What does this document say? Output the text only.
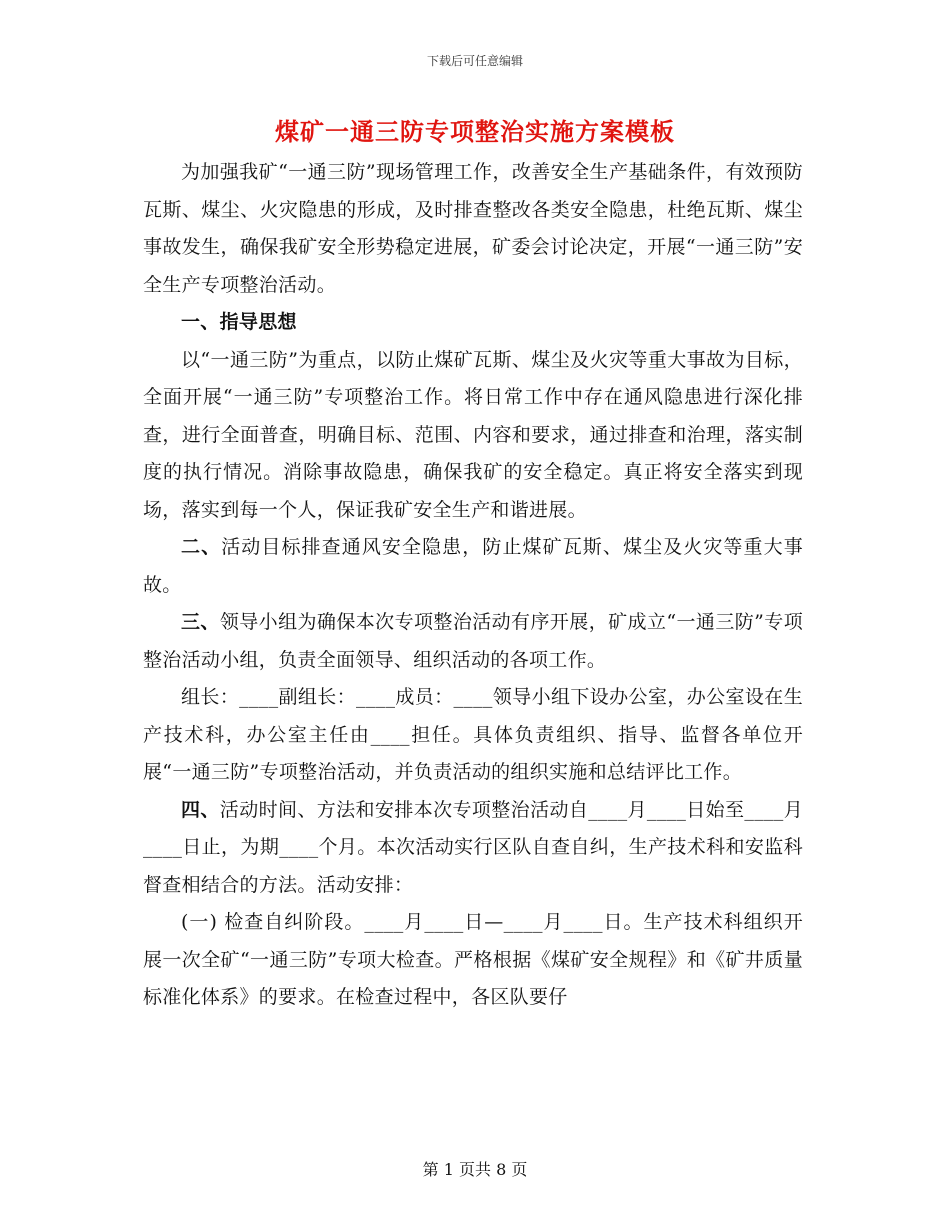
下载后可任意编辑
煤矿一通三防专项整治实施方案模板

为加强我矿“一通三防”现场管理工作，改善安全生产基础条件，有效预防瓦斯、煤尘、火灾隐患的形成，及时排查整改各类安全隐患，杜绝瓦斯、煤尘事故发生，确保我矿安全形势稳定进展，矿委会讨论决定，开展“一通三防”安全生产专项整治活动。

一、指导思想

以“一通三防”为重点，以防止煤矿瓦斯、煤尘及火灾等重大事故为目标，全面开展“一通三防”专项整治工作。将日常工作中存在通风隐患进行深化排查，进行全面普查，明确目标、范围、内容和要求，通过排查和治理，落实制度的执行情况。消除事故隐患，确保我矿的安全稳定。真正将安全落实到现场，落实到每一个人，保证我矿安全生产和谐进展。

二、活动目标排查通风安全隐患，防止煤矿瓦斯、煤尘及火灾等重大事故。

三、领导小组为确保本次专项整治活动有序开展，矿成立“一通三防”专项整治活动小组，负责全面领导、组织活动的各项工作。

组长：____副组长：____成员：____领导小组下设办公室，办公室设在生产技术科，办公室主任由____担任。具体负责组织、指导、监督各单位开展“一通三防”专项整治活动，并负责活动的组织实施和总结评比工作。

四、活动时间、方法和安排本次专项整治活动自____月____日始至____月____日止，为期____个月。本次活动实行区队自查自纠，生产技术科和安监科督查相结合的方法。活动安排：

(一) 检查自纠阶段。____月____日—____月____日。生产技术科组织开展一次全矿“一通三防”专项大检查。严格根据《煤矿安全规程》和《矿井质量标准化体系》的要求。在检查过程中，各区队要仔

第 1 页共 8 页
